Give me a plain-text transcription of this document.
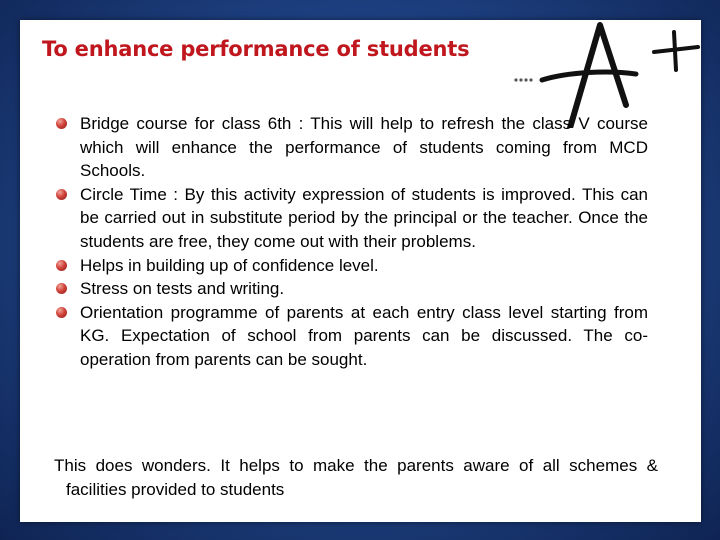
To enhance performance of students
Bridge course for class 6th : This will help to refresh the class V course which will enhance the performance of students coming from MCD Schools.
Circle Time : By this activity expression of students is improved. This can be carried out in substitute period by the principal or the teacher. Once the students are free, they come out with their problems.
Helps in building up of confidence level.
Stress on tests and writing.
Orientation programme of parents at each entry class level starting from KG. Expectation of school from parents can be discussed. The co-operation from parents can be sought.

This does wonders. It helps to make the parents aware of all schemes & facilities provided to students
